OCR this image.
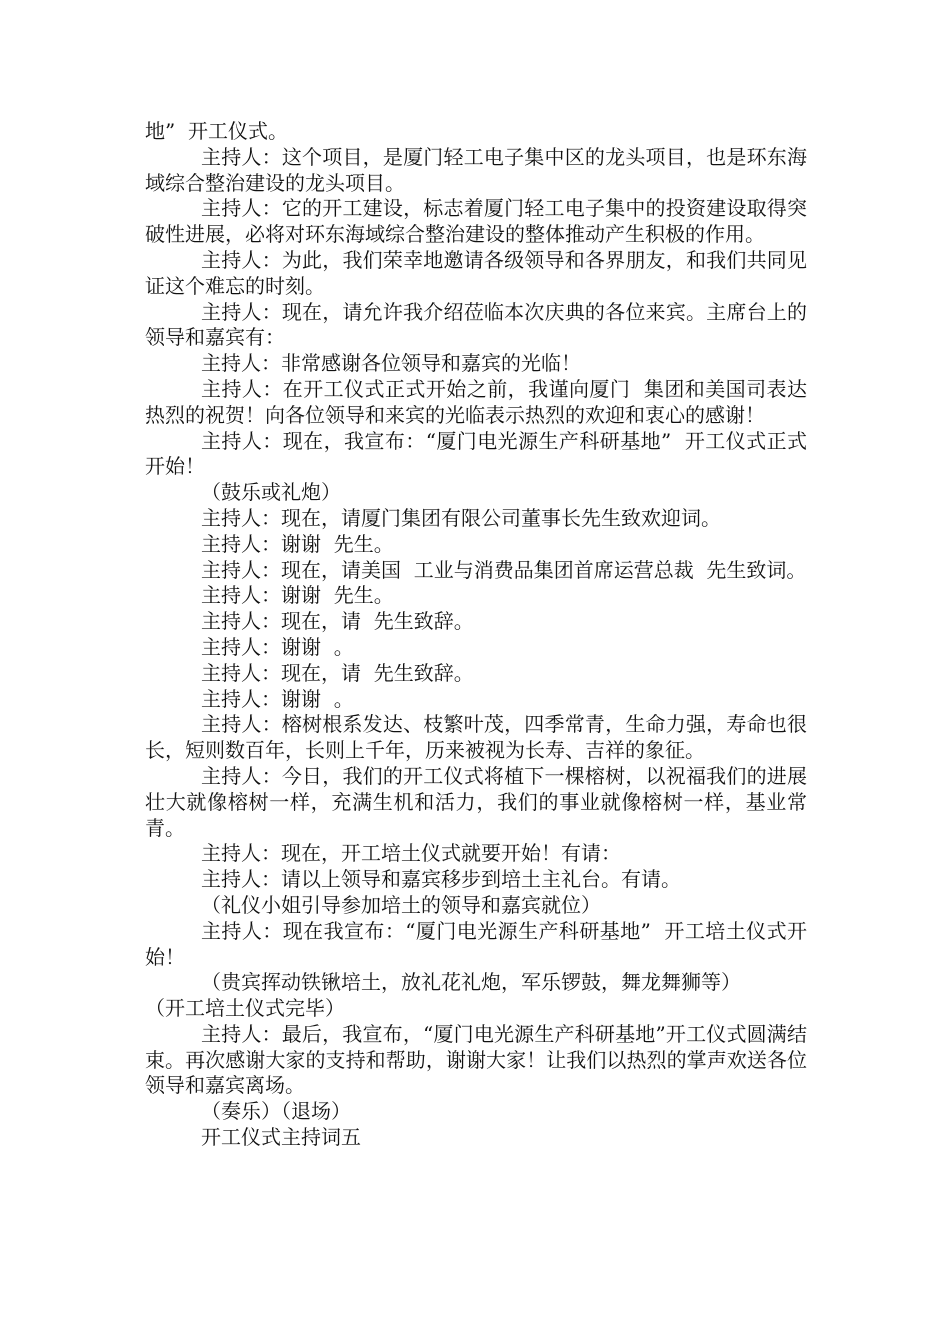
地”  开工仪式。

主持人：这个项目，是厦门轻工电子集中区的龙头项目，也是环东海域综合整治建设的龙头项目。

主持人：它的开工建设，标志着厦门轻工电子集中的投资建设取得突破性进展，必将对环东海域综合整治建设的整体推动产生积极的作用。

主持人：为此，我们荣幸地邀请各级领导和各界朋友，和我们共同见证这个难忘的时刻。

主持人：现在，请允许我介绍莅临本次庆典的各位来宾。主席台上的领导和嘉宾有：

主持人：非常感谢各位领导和嘉宾的光临！

主持人：在开工仪式正式开始之前，我谨向厦门  集团和美国司表达热烈的祝贺！向各位领导和来宾的光临表示热烈的欢迎和衷心的感谢！

主持人：现在，我宣布：“厦门电光源生产科研基地”  开工仪式正式开始！

（鼓乐或礼炮）

主持人：现在，请厦门集团有限公司董事长先生致欢迎词。

主持人：谢谢  先生。

主持人：现在，请美国  工业与消费品集团首席运营总裁  先生致词。

主持人：谢谢  先生。

主持人：现在，请  先生致辞。

主持人：谢谢  。

主持人：现在，请  先生致辞。

主持人：谢谢  。

主持人：榕树根系发达、枝繁叶茂，四季常青，生命力强，寿命也很长，短则数百年，长则上千年，历来被视为长寿、吉祥的象征。

主持人：今日，我们的开工仪式将植下一棵榕树，以祝福我们的进展壮大就像榕树一样，充满生机和活力，我们的事业就像榕树一样，基业常青。

主持人：现在，开工培土仪式就要开始！有请：

主持人：请以上领导和嘉宾移步到培土主礼台。有请。

（礼仪小姐引导参加培土的领导和嘉宾就位）

主持人：现在我宣布：“厦门电光源生产科研基地”  开工培土仪式开始！

（贵宾挥动铁锹培土，放礼花礼炮，军乐锣鼓，舞龙舞狮等）

（开工培土仪式完毕）

主持人：最后，我宣布，“厦门电光源生产科研基地”开工仪式圆满结束。再次感谢大家的支持和帮助，谢谢大家！让我们以热烈的掌声欢送各位领导和嘉宾离场。

（奏乐）（退场）

开工仪式主持词五
